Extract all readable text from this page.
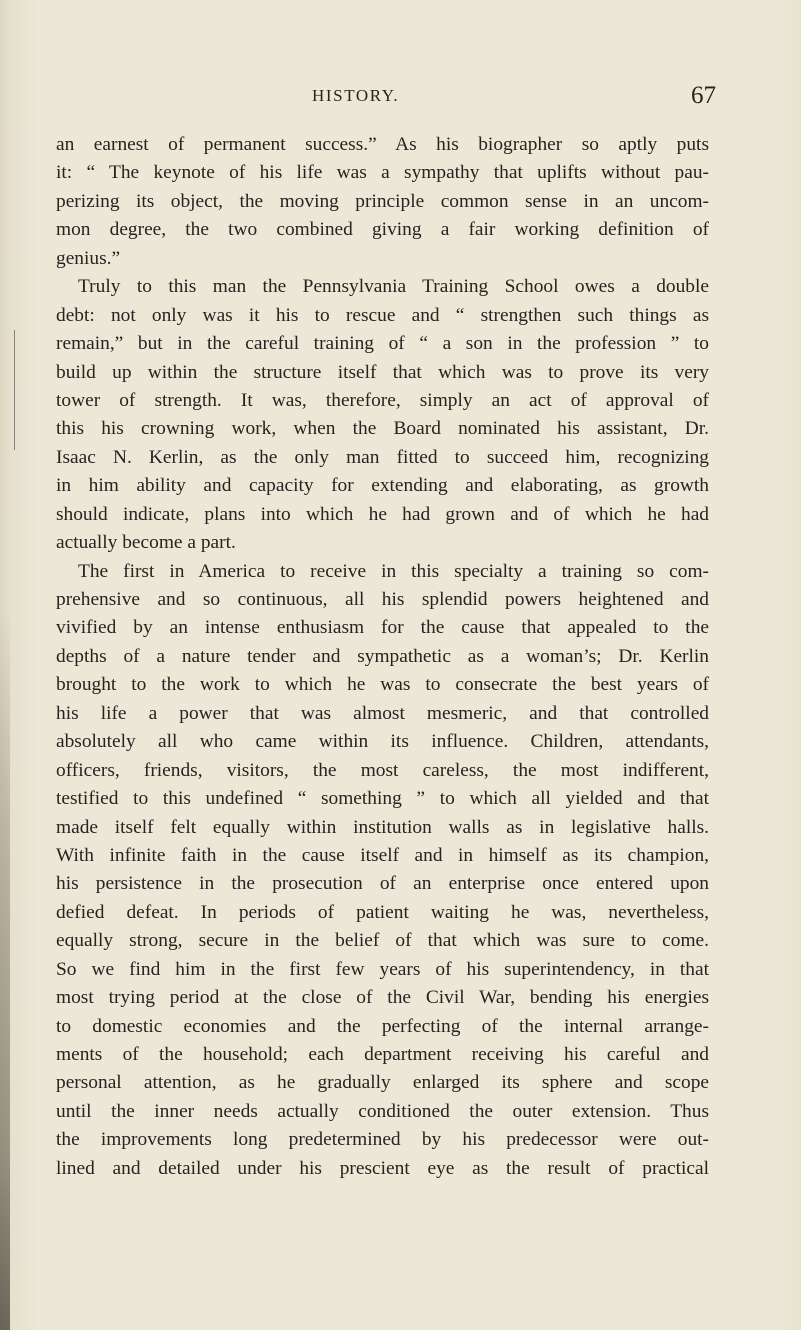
HISTORY.	67
an earnest of permanent success.” As his biographer so aptly puts
it: “ The keynote of his life was a sympathy that uplifts without pau-
perizing its object, the moving principle common sense in an uncom-
mon degree, the two combined giving a fair working definition of
genius.”
Truly to this man the Pennsylvania Training School owes a double
debt: not only was it his to rescue and “ strengthen such things as
remain,” but in the careful training of “ a son in the profession ” to
build up within the structure itself that which was to prove its very
tower of strength. It was, therefore, simply an act of approval of
this his crowning work, when the Board nominated his assistant, Dr.
Isaac N. Kerlin, as the only man fitted to succeed him, recognizing
in him ability and capacity for extending and elaborating, as growth
should indicate, plans into which he had grown and of which he had
actually become a part.
The first in America to receive in this specialty a training so com-
prehensive and so continuous, all his splendid powers heightened and
vivified by an intense enthusiasm for the cause that appealed to the
depths of a nature tender and sympathetic as a woman’s; Dr. Kerlin
brought to the work to which he was to consecrate the best years of
his life a power that was almost mesmeric, and that controlled
absolutely all who came within its influence. Children, attendants,
officers, friends, visitors, the most careless, the most indifferent,
testified to this undefined “ something ” to which all yielded and that
made itself felt equally within institution walls as in legislative halls.
With infinite faith in the cause itself and in himself as its champion,
his persistence in the prosecution of an enterprise once entered upon
defied defeat. In periods of patient waiting he was, nevertheless,
equally strong, secure in the belief of that which was sure to come.
So we find him in the first few years of his superintendency, in that
most trying period at the close of the Civil War, bending his energies
to domestic economies and the perfecting of the internal arrange-
ments of the household; each department receiving his careful and
personal attention, as he gradually enlarged its sphere and scope
until the inner needs actually conditioned the outer extension. Thus
the improvements long predetermined by his predecessor were out-
lined and detailed under his prescient eye as the result of practical
